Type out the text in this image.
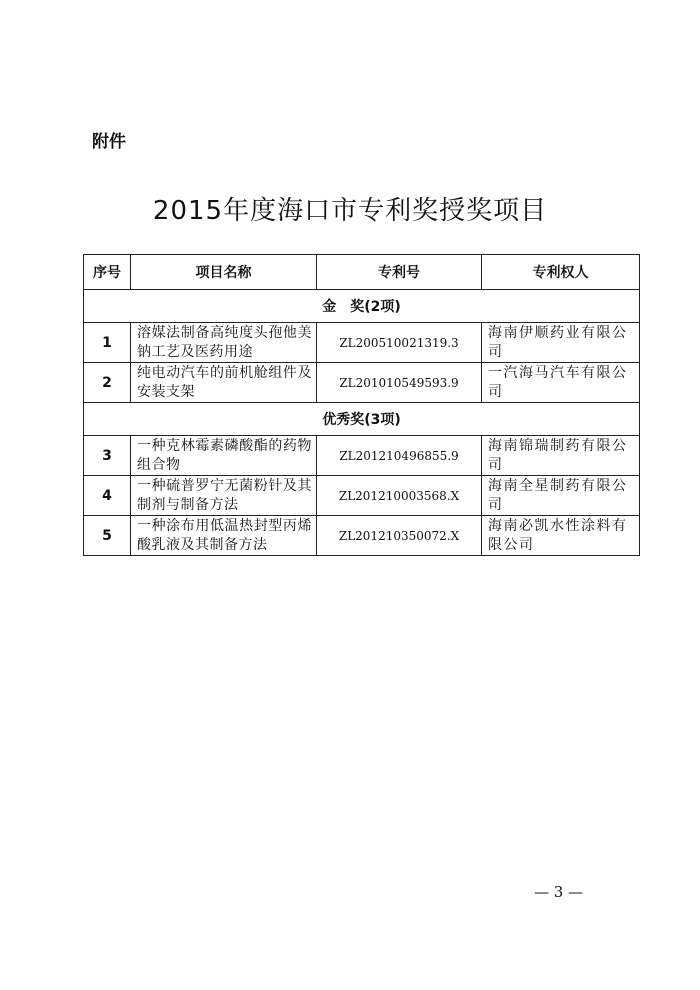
附件
2015年度海口市专利奖授奖项目
序号	项目名称	专利号	专利权人
金　奖(2项)			
1	溶媒法制备高纯度头孢他美钠工艺及医药用途	ZL200510021319.3	海南伊顺药业有限公司
2	纯电动汽车的前机舱组件及安装支架	ZL201010549593.9	一汽海马汽车有限公司
优秀奖(3项)			
3	一种克林霉素磷酸酯的药物组合物	ZL201210496855.9	海南锦瑞制药有限公司
4	一种硫普罗宁无菌粉针及其制剂与制备方法	ZL201210003568.X	海南全星制药有限公司
5	一种涂布用低温热封型丙烯酸乳液及其制备方法	ZL201210350072.X	海南必凯水性涂料有限公司
— 3 —
